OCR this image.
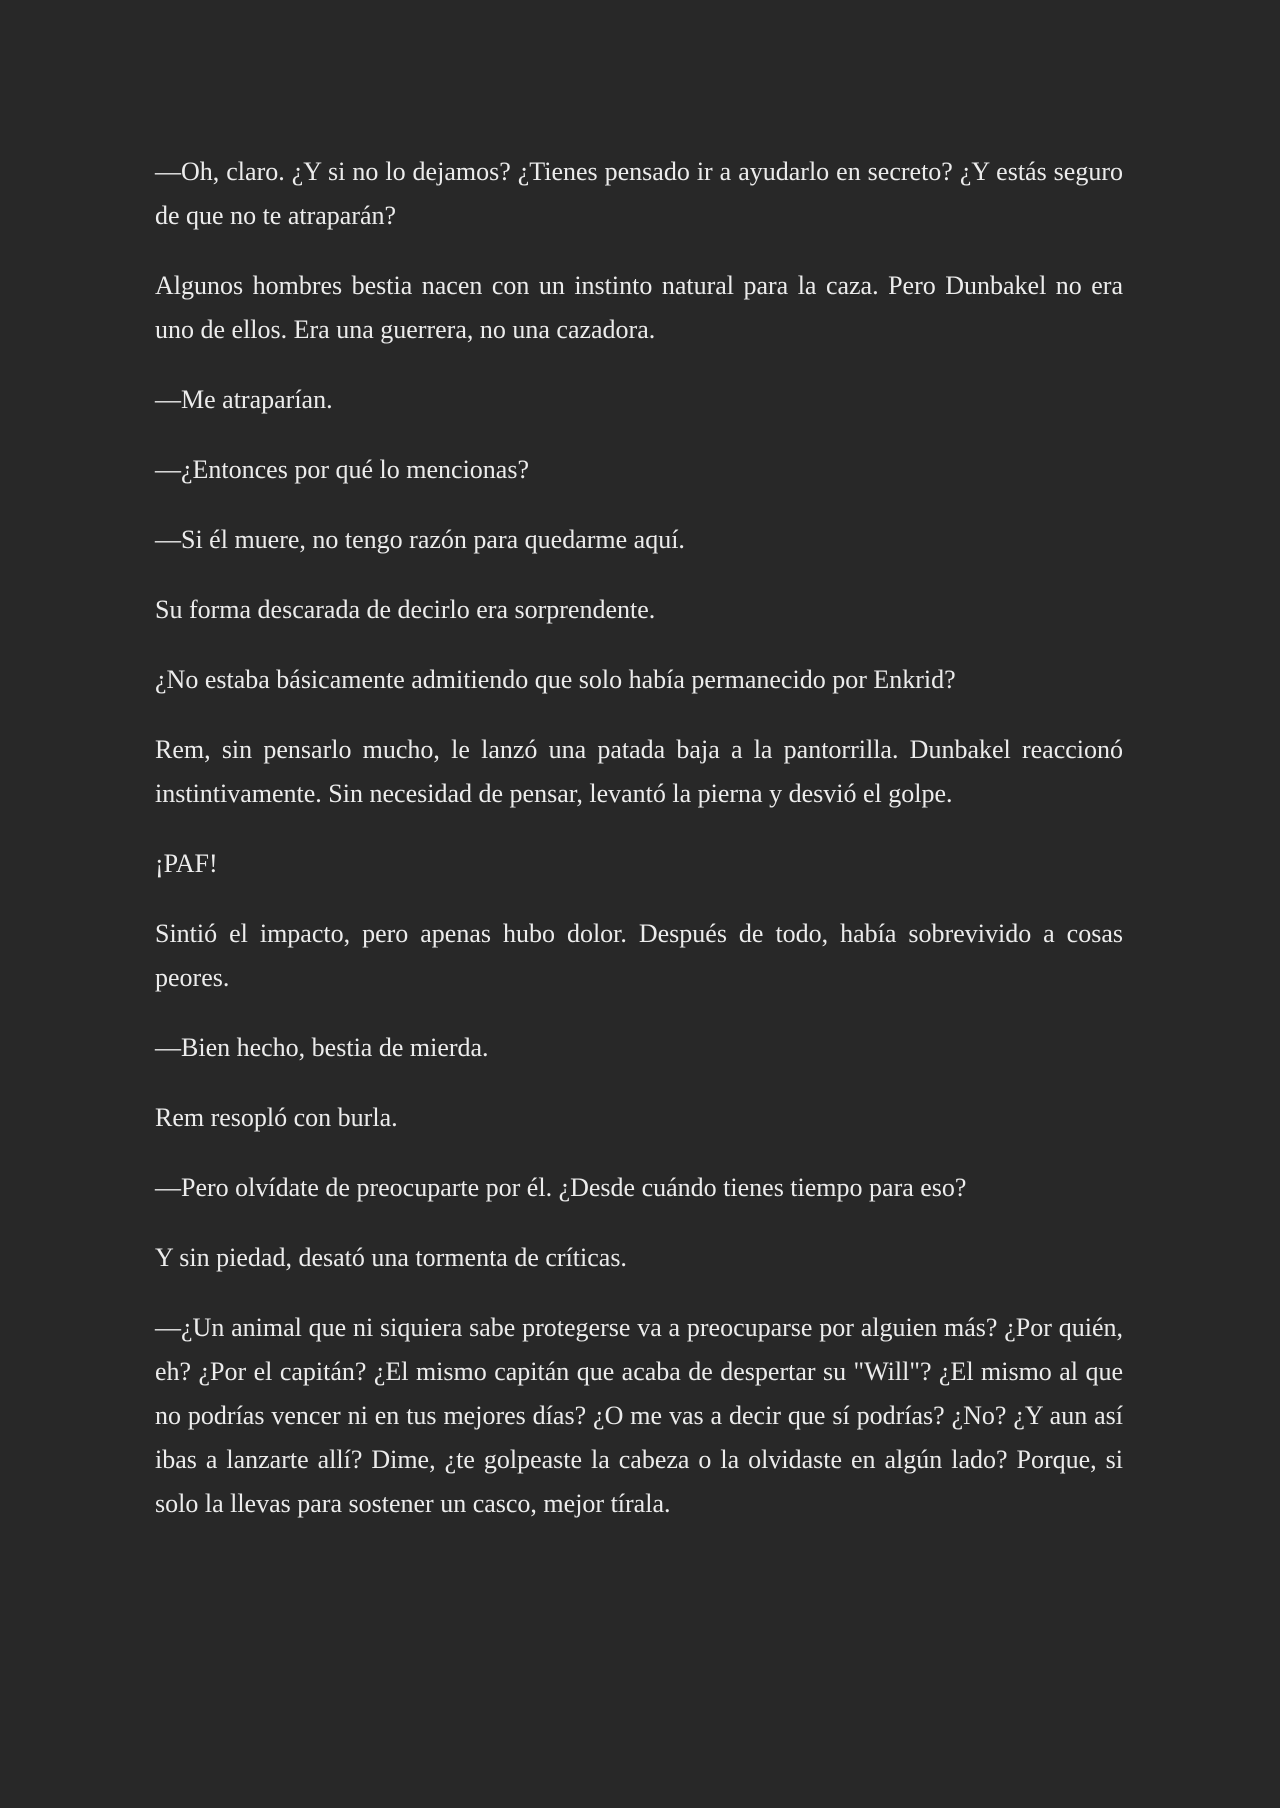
—Oh, claro. ¿Y si no lo dejamos? ¿Tienes pensado ir a ayudarlo en secreto? ¿Y estás seguro de que no te atraparán?

Algunos hombres bestia nacen con un instinto natural para la caza. Pero Dunbakel no era uno de ellos. Era una guerrera, no una cazadora.

—Me atraparían.

—¿Entonces por qué lo mencionas?

—Si él muere, no tengo razón para quedarme aquí.

Su forma descarada de decirlo era sorprendente.

¿No estaba básicamente admitiendo que solo había permanecido por Enkrid?

Rem, sin pensarlo mucho, le lanzó una patada baja a la pantorrilla. Dunbakel reaccionó instintivamente. Sin necesidad de pensar, levantó la pierna y desvió el golpe.

¡PAF!

Sintió el impacto, pero apenas hubo dolor. Después de todo, había sobrevivido a cosas peores.

—Bien hecho, bestia de mierda.

Rem resopló con burla.

—Pero olvídate de preocuparte por él. ¿Desde cuándo tienes tiempo para eso?

Y sin piedad, desató una tormenta de críticas.

—¿Un animal que ni siquiera sabe protegerse va a preocuparse por alguien más? ¿Por quién, eh? ¿Por el capitán? ¿El mismo capitán que acaba de despertar su "Will"? ¿El mismo al que no podrías vencer ni en tus mejores días? ¿O me vas a decir que sí podrías? ¿No? ¿Y aun así ibas a lanzarte allí? Dime, ¿te golpeaste la cabeza o la olvidaste en algún lado? Porque, si solo la llevas para sostener un casco, mejor tírala.
